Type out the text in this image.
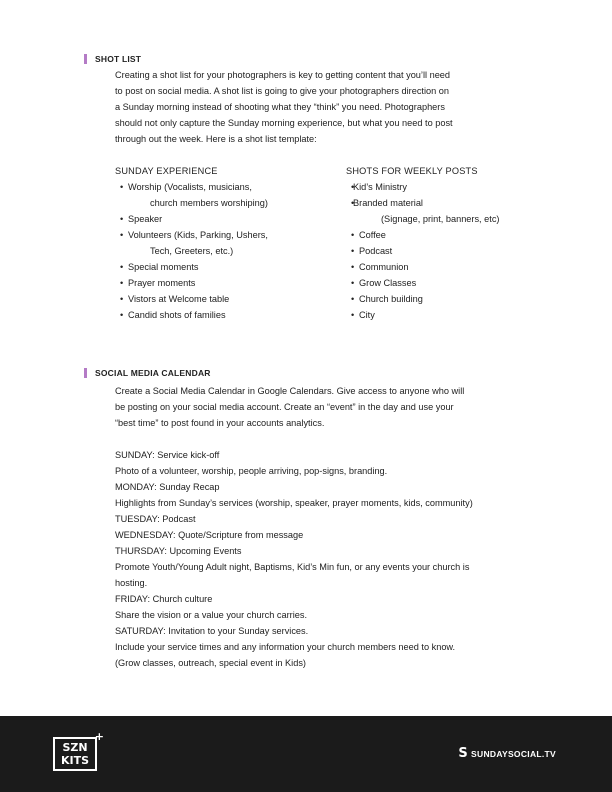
SHOT LIST
Creating a shot list for your photographers is key to getting content that you’ll need
to post on social media. A shot list is going to give your photographers direction on
a Sunday morning instead of shooting what they “think” you need. Photographers
should not only capture the Sunday morning experience, but what you need to post
through out the week. Here is a shot list template:
SUNDAY EXPERIENCE
• Worship (Vocalists, musicians,
church members worshiping)
• Speaker
• Volunteers (Kids, Parking, Ushers,
Tech, Greeters, etc.)
• Special moments
• Prayer moments
• Vistors at Welcome table
• Candid shots of families
SHOTS FOR WEEKLY POSTS
• Kid’s Ministry
• Branded material
(Signage, print, banners, etc)
• Coffee
• Podcast
• Communion
• Grow Classes
• Church building
• City
SOCIAL MEDIA CALENDAR
Create a Social Media Calendar in Google Calendars. Give access to anyone who will
be posting on your social media account. Create an “event” in the day and use your
“best time” to post found in your accounts analytics.
SUNDAY: Service kick-off
Photo of a volunteer, worship, people arriving, pop-signs, branding.
MONDAY: Sunday Recap
Highlights from Sunday’s services (worship, speaker, prayer moments, kids, community)
TUESDAY: Podcast
WEDNESDAY: Quote/Scripture from message
THURSDAY: Upcoming Events
Promote Youth/Young Adult night, Baptisms, Kid’s Min fun, or any events your church is
hosting.
FRIDAY: Church culture
Share the vision or a value your church carries.
SATURDAY: Invitation to your Sunday services.
Include your service times and any information your church members need to know.
(Grow classes, outreach, special event in Kids)
SZN
KITS
+
S SUNDAYSOCIAL.TV
